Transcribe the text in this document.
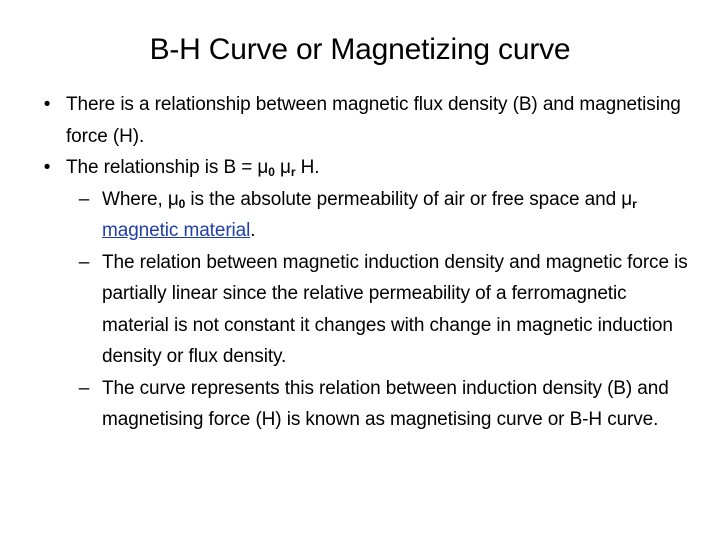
B-H Curve or Magnetizing curve
• There is a relationship between magnetic flux density (B) and magnetising force (H).
• The relationship is $B = \mu_0$ $\mu_r$ H.
– Where, $\mu_0$ is the absolute permeability of air or free space and $\mu_r$ magnetic material.
– The relation between magnetic induction density and magnetic force is partially linear since the relative permeability of a ferromagnetic material is not constant it changes with change in magnetic induction density or flux density.
– The curve represents this relation between induction density (B) and magnetising force (H) is known as magnetising curve or B-H curve.
